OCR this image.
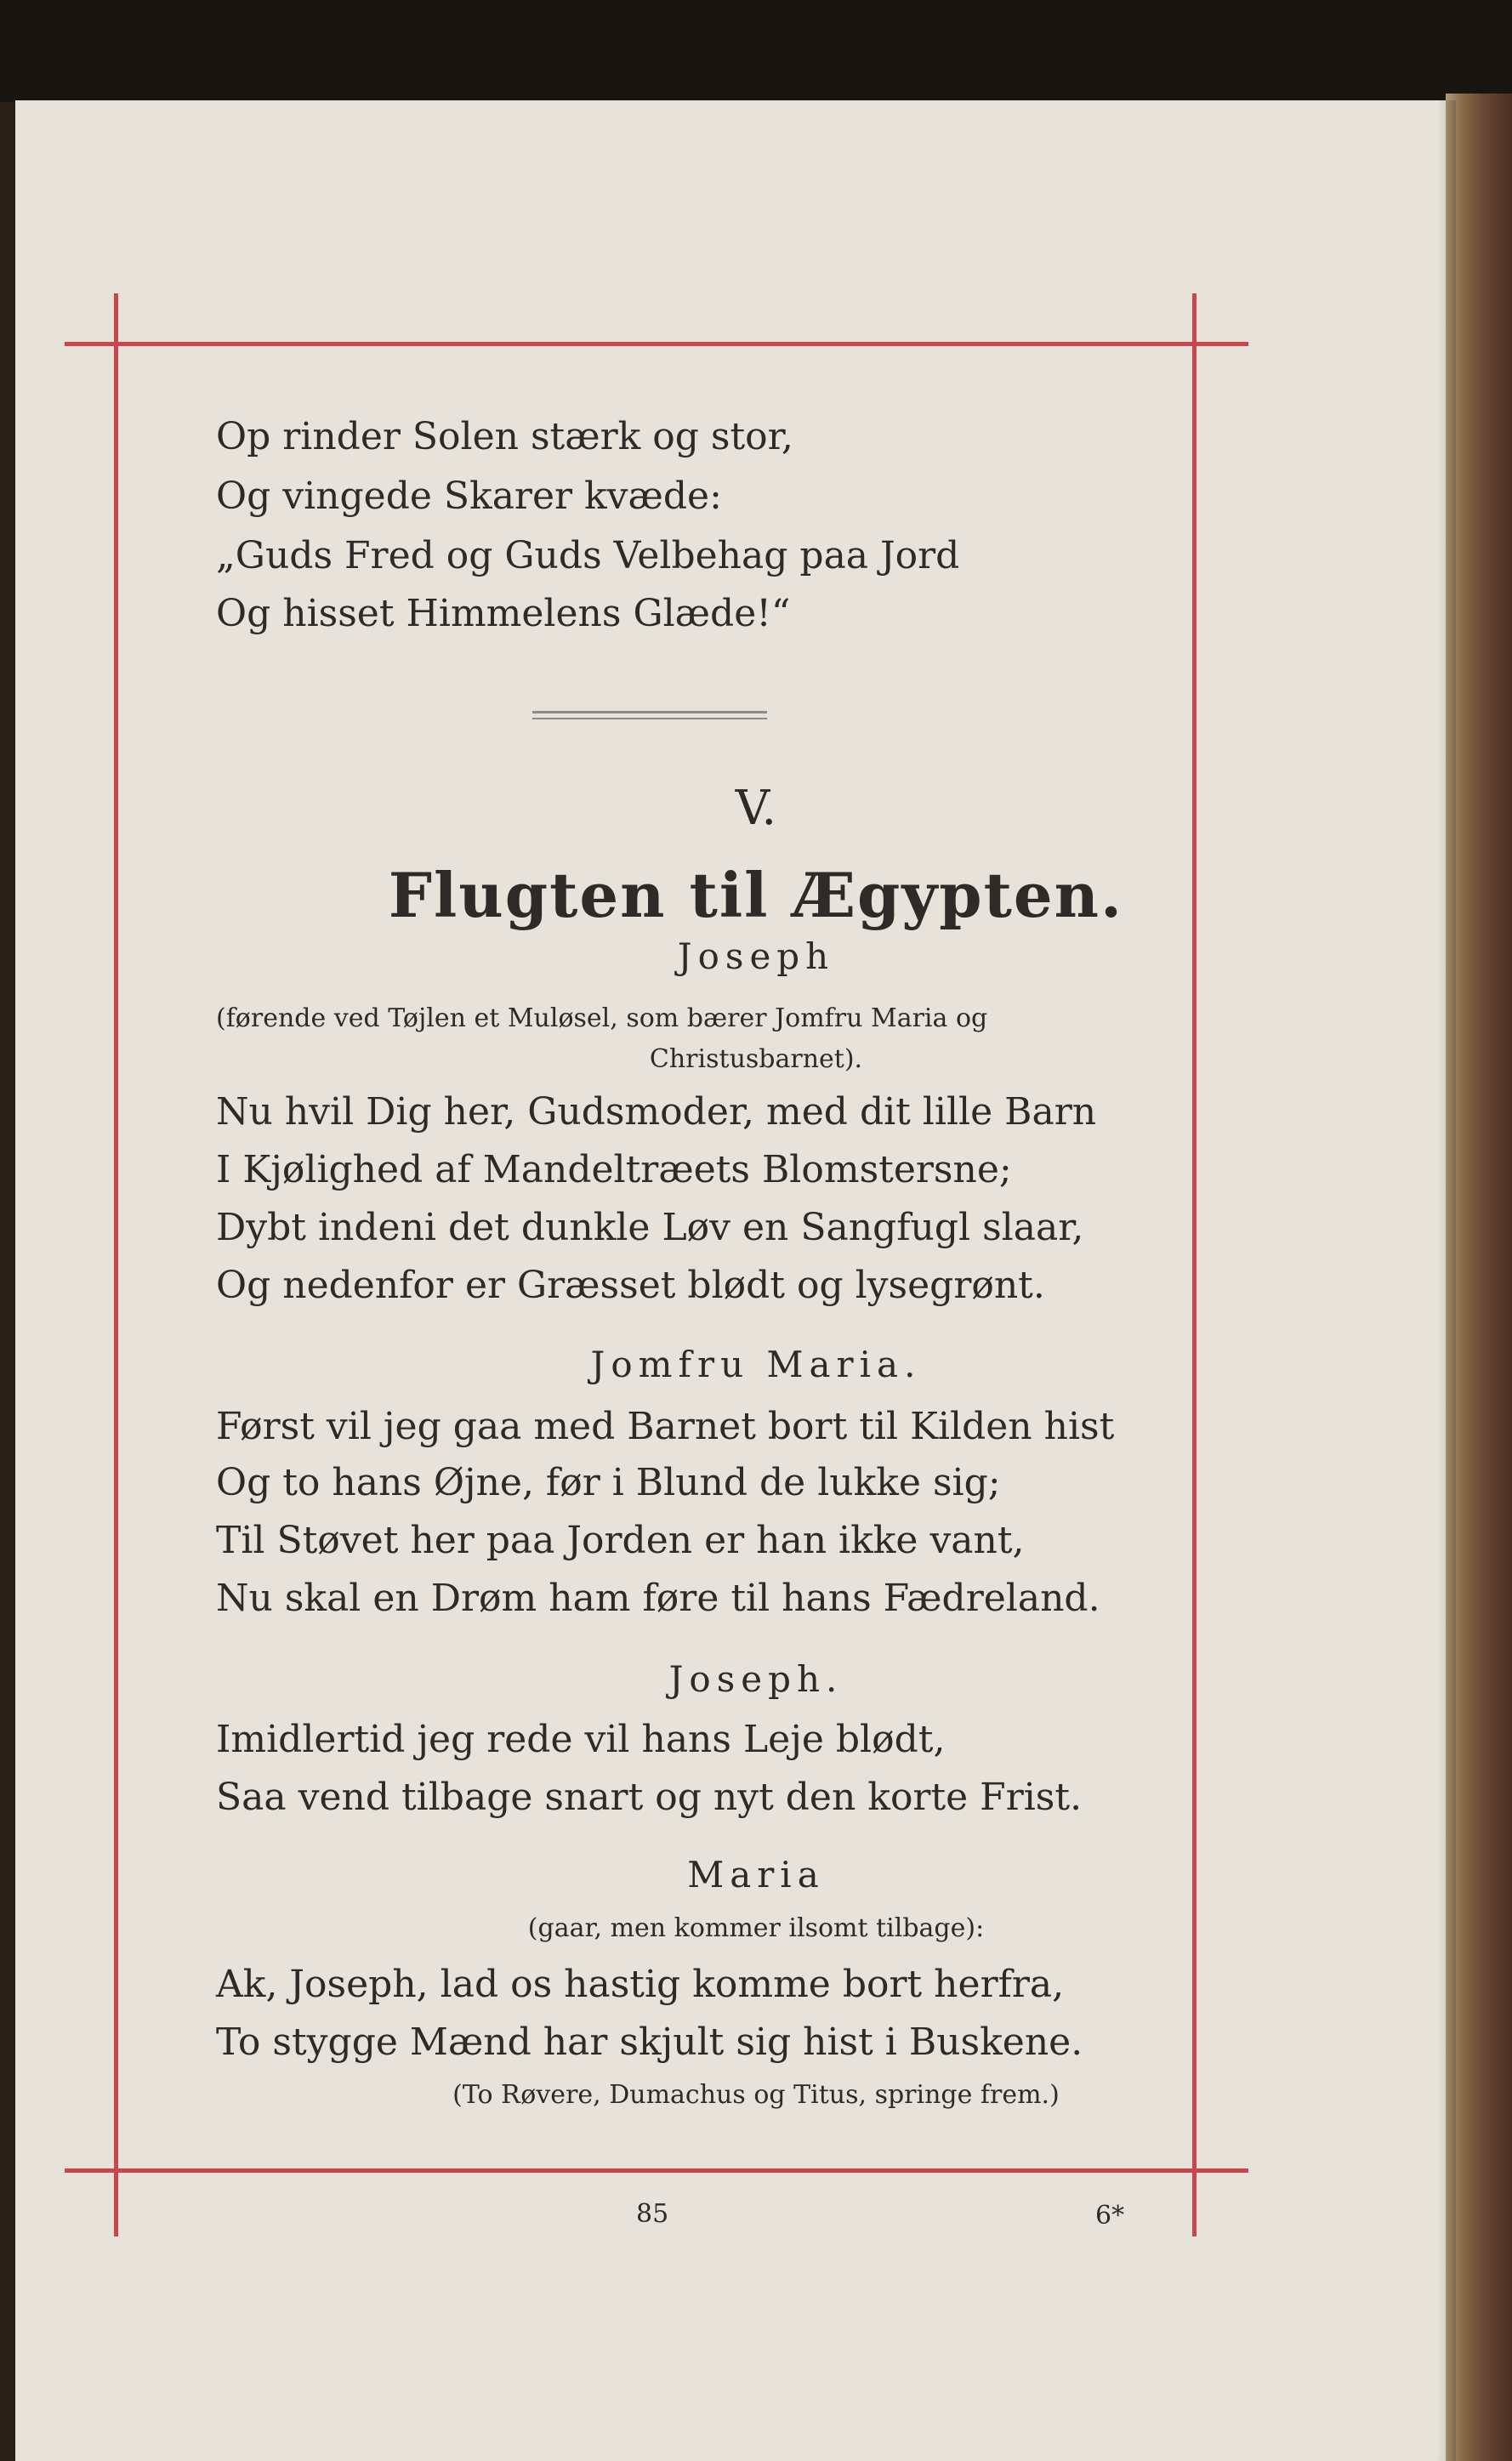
Op rinder Solen stærk og stor,
Og vingede Skarer kvæde:
„Guds Fred og Guds Velbehag paa Jord
Og hisset Himmelens Glæde!“
V.
Flugten til Ægypten.
Joseph
(førende ved Tøjlen et Muløsel, som bærer Jomfru Maria og
Christusbarnet).
Nu hvil Dig her, Gudsmoder, med dit lille Barn
I Kjølighed af Mandeltræets Blomstersne;
Dybt indeni det dunkle Løv en Sangfugl slaar,
Og nedenfor er Græsset blødt og lysegrønt.
Jomfru Maria.
Først vil jeg gaa med Barnet bort til Kilden hist
Og to hans Øjne, før i Blund de lukke sig;
Til Støvet her paa Jorden er han ikke vant,
Nu skal en Drøm ham føre til hans Fædreland.
Joseph.
Imidlertid jeg rede vil hans Leje blødt,
Saa vend tilbage snart og nyt den korte Frist.
Maria
(gaar, men kommer ilsomt tilbage):
Ak, Joseph, lad os hastig komme bort herfra,
To stygge Mænd har skjult sig hist i Buskene.
(To Røvere, Dumachus og Titus, springe frem.)
85	6*
